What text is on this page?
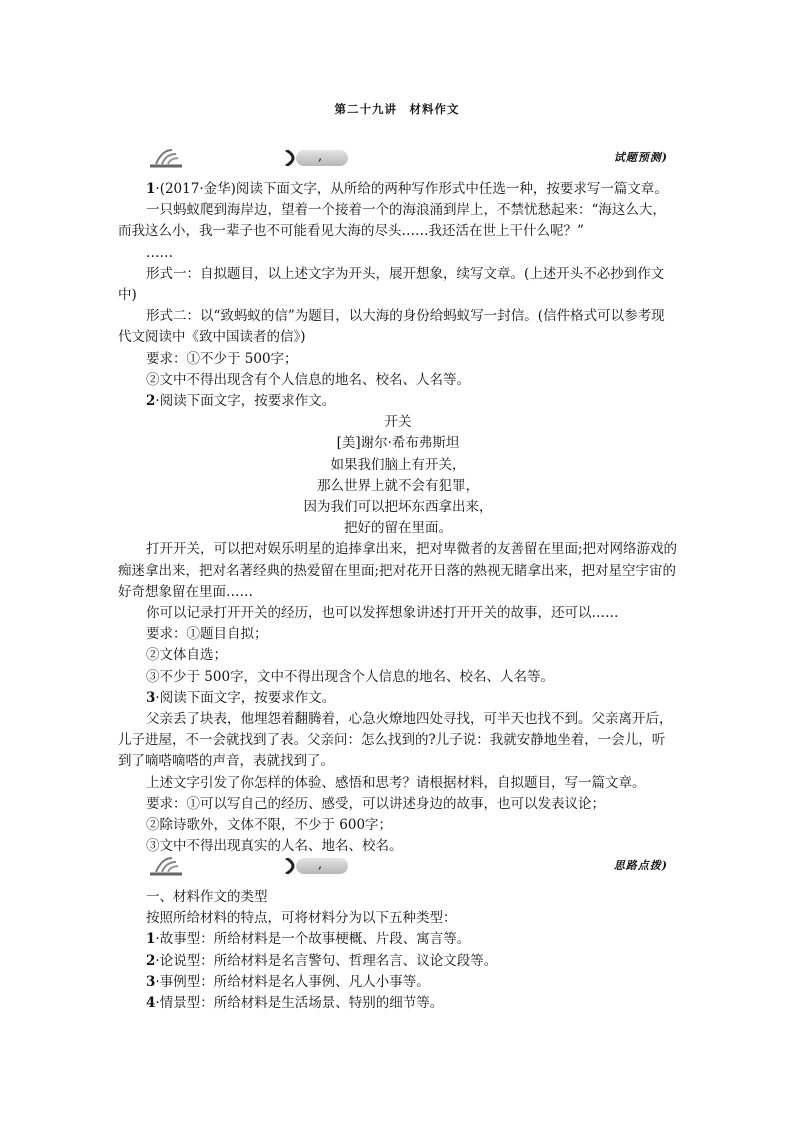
第二十九讲　材料作文
,	试题预测)

1·(2017·金华)阅读下面文字，从所给的两种写作形式中任选一种，按要求写一篇文章。

一只蚂蚁爬到海岸边，望着一个接着一个的海浪涌到岸上，不禁忧愁起来：“海这么大，而我这么小，我一辈子也不可能看见大海的尽头……我还活在世上干什么呢？”

……

形式一：自拟题目，以上述文字为开头，展开想象，续写文章。(上述开头不必抄到作文中)

形式二：以“致蚂蚁的信”为题目，以大海的身份给蚂蚁写一封信。(信件格式可以参考现代文阅读中《致中国读者的信》)

要求：①不少于 500字；

②文中不得出现含有个人信息的地名、校名、人名等。

2·阅读下面文字，按要求作文。

开关

[美]谢尔·希布弗斯坦

如果我们脑上有开关，

那么世界上就不会有犯罪，

因为我们可以把坏东西拿出来，

把好的留在里面。

打开开关，可以把对娱乐明星的追捧拿出来，把对卑微者的友善留在里面;把对网络游戏的痴迷拿出来，把对名著经典的热爱留在里面;把对花开日落的熟视无睹拿出来，把对星空宇宙的好奇想象留在里面……

你可以记录打开开关的经历，也可以发挥想象讲述打开开关的故事，还可以……

要求：①题目自拟；

②文体自选；

③不少于 500字，文中不得出现含个人信息的地名、校名、人名等。

3·阅读下面文字，按要求作文。

父亲丢了块表，他埋怨着翻腾着，心急火燎地四处寻找，可半天也找不到。父亲离开后，儿子进屋，不一会就找到了表。父亲问：怎么找到的?儿子说：我就安静地坐着，一会儿，听到了嘀嗒嘀嗒的声音，表就找到了。

上述文字引发了你怎样的体验、感悟和思考？请根据材料，自拟题目，写一篇文章。

要求：①可以写自己的经历、感受，可以讲述身边的故事，也可以发表议论；

②除诗歌外，文体不限，不少于 600字；

③文中不得出现真实的人名、地名、校名。

,	思路点拨)

一、材料作文的类型

按照所给材料的特点，可将材料分为以下五种类型：

1·故事型：所给材料是一个故事梗概、片段、寓言等。

2·论说型：所给材料是名言警句、哲理名言、议论文段等。

3·事例型：所给材料是名人事例、凡人小事等。

4·情景型：所给材料是生活场景、特别的细节等。
